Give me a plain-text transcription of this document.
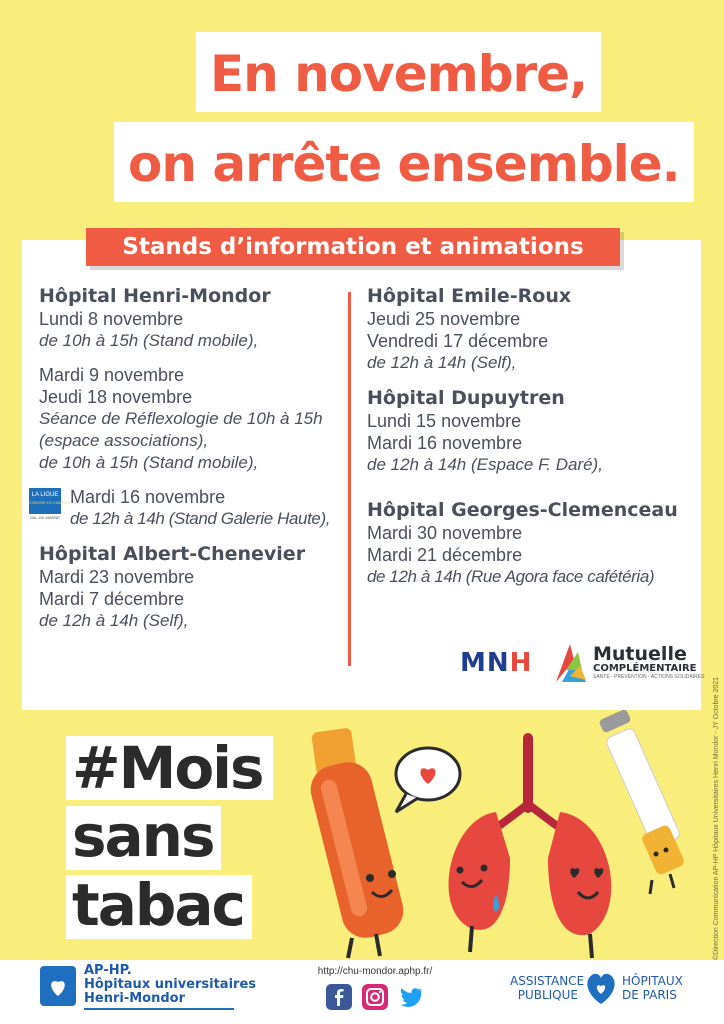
En novembre,
on arrête ensemble.
Stands d’information et animations
Hôpital Henri-Mondor
Lundi 8 novembre
de 10h à 15h (Stand mobile),
Mardi 9 novembre
Jeudi 18 novembre
Séance de Réflexologie de 10h à 15h
(espace associations),
de 10h à 15h (Stand mobile),
LA LIGUE
CONTRE LE CANCER
VAL-DE-MARNE
Mardi 16 novembre
de 12h à 14h (Stand Galerie Haute),
Hôpital Albert-Chenevier
Mardi 23 novembre
Mardi 7 décembre
de 12h à 14h (Self),
Hôpital Emile-Roux
Jeudi 25 novembre
Vendredi 17 décembre
de 12h à 14h (Self),
Hôpital Dupuytren
Lundi 15 novembre
Mardi 16 novembre
de 12h à 14h (Espace F. Daré),
Hôpital Georges-Clemenceau
Mardi 30 novembre
Mardi 21 décembre
de 12h à 14h (Rue Agora face cafétéria)
MNH	Mutuelle
COMPLÉMENTAIRE
SANTÉ · PRÉVENTION · ACTIONS SOLIDAIRES ©Direction Communication AP-HP Hôpitaux Universitaires Henri Mondor - JY Octobre 2021
#Mois
sans
tabac
AP-HP.
Hôpitaux universitaires
Henri-Mondor
http://chu-mondor.aphp.fr/
ASSISTANCE
PUBLIQUE
HÔPITAUX
DE PARIS
